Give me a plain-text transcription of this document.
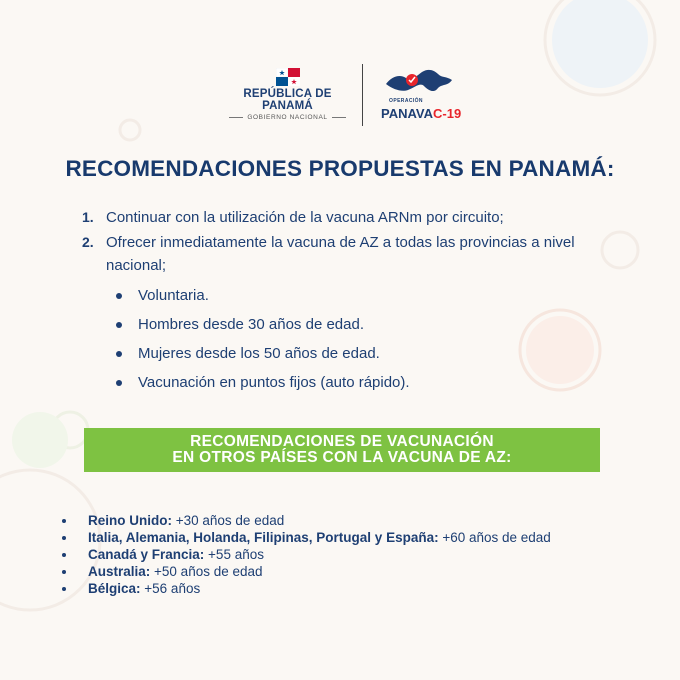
REPÚBLICA DE PANAMÁ
GOBIERNO NACIONAL
OPERACIÓN
PANAVAC-19
RECOMENDACIONES PROPUESTAS EN PANAMÁ:
1. Continuar con la utilización de la vacuna ARNm por circuito;
2. Ofrecer inmediatamente la vacuna de AZ a todas las provincias a nivel nacional;
Voluntaria.
Hombres desde 30 años de edad.
Mujeres desde los 50 años de edad.
Vacunación en puntos fijos (auto rápido).
RECOMENDACIONES DE VACUNACIÓN
EN OTROS PAÍSES CON LA VACUNA DE AZ:
Reino Unido: +30 años de edad
Italia, Alemania, Holanda, Filipinas, Portugal y España: +60 años de edad
Canadá y Francia: +55 años
Australia: +50 años de edad
Bélgica: +56 años
